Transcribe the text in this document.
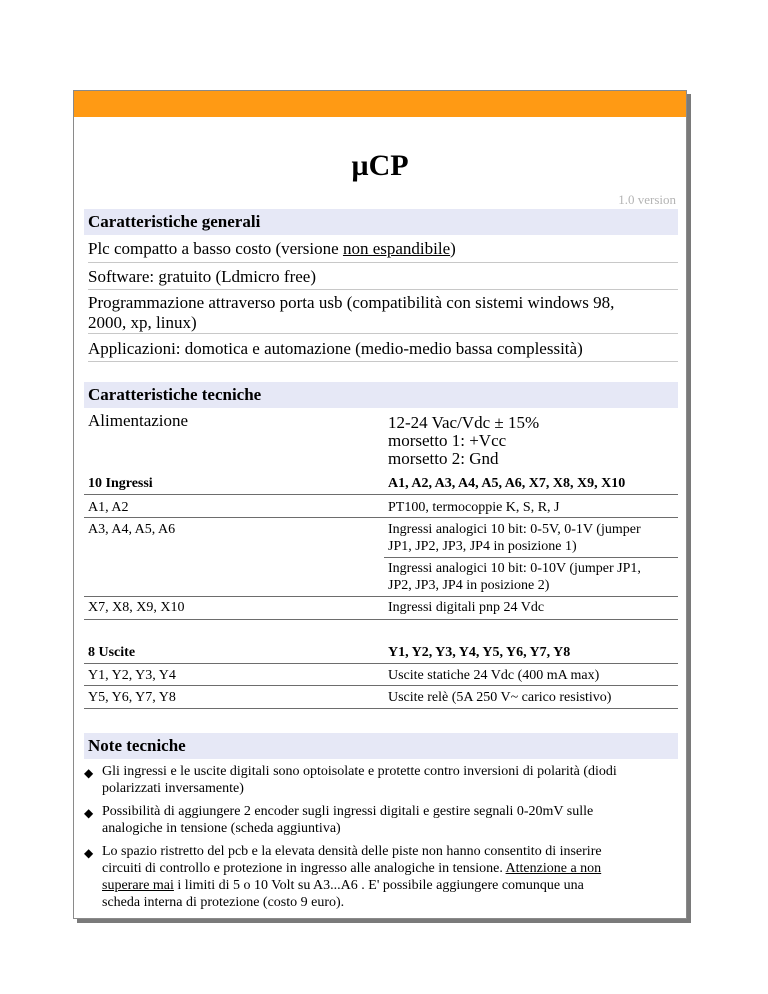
µCP
1.0 version
Caratteristiche generali
Plc compatto a basso costo (versione non espandibile)
Software: gratuito (Ldmicro free)
Programmazione attraverso porta usb (compatibilità con sistemi windows 98,
2000, xp, linux)
Applicazioni: domotica e automazione (medio-medio bassa complessità)
Caratteristiche tecniche
Alimentazione	12-24 Vac/Vdc ± 15%
morsetto 1: +Vcc
morsetto 2: Gnd
10 Ingressi	A1, A2, A3, A4, A5, A6, X7, X8, X9, X10
A1, A2	PT100, termocoppie K, S, R, J
A3, A4, A5, A6	Ingressi analogici 10 bit: 0-5V, 0-1V (jumper
JP1, JP2, JP3, JP4 in posizione 1)
Ingressi analogici 10 bit: 0-10V (jumper JP1,
JP2, JP3, JP4 in posizione 2)
X7, X8, X9, X10	Ingressi digitali pnp 24 Vdc
8 Uscite	Y1, Y2, Y3, Y4, Y5, Y6, Y7, Y8
Y1, Y2, Y3, Y4	Uscite statiche 24 Vdc (400 mA max)
Y5, Y6, Y7, Y8	Uscite relè (5A 250 V~ carico resistivo)
Note tecniche
◆ Gli ingressi e le uscite digitali sono optoisolate e protette contro inversioni di polarità (diodi
polarizzati inversamente)
◆ Possibilità di aggiungere 2 encoder sugli ingressi digitali e gestire segnali 0-20mV sulle
analogiche in tensione (scheda aggiuntiva)
◆ Lo spazio ristretto del pcb e la elevata densità delle piste non hanno consentito di inserire
circuiti di controllo e protezione in ingresso alle analogiche in tensione. Attenzione a non
superare mai i limiti di 5 o 10 Volt su A3...A6 . E' possibile aggiungere comunque una
scheda interna di protezione (costo 9 euro).
